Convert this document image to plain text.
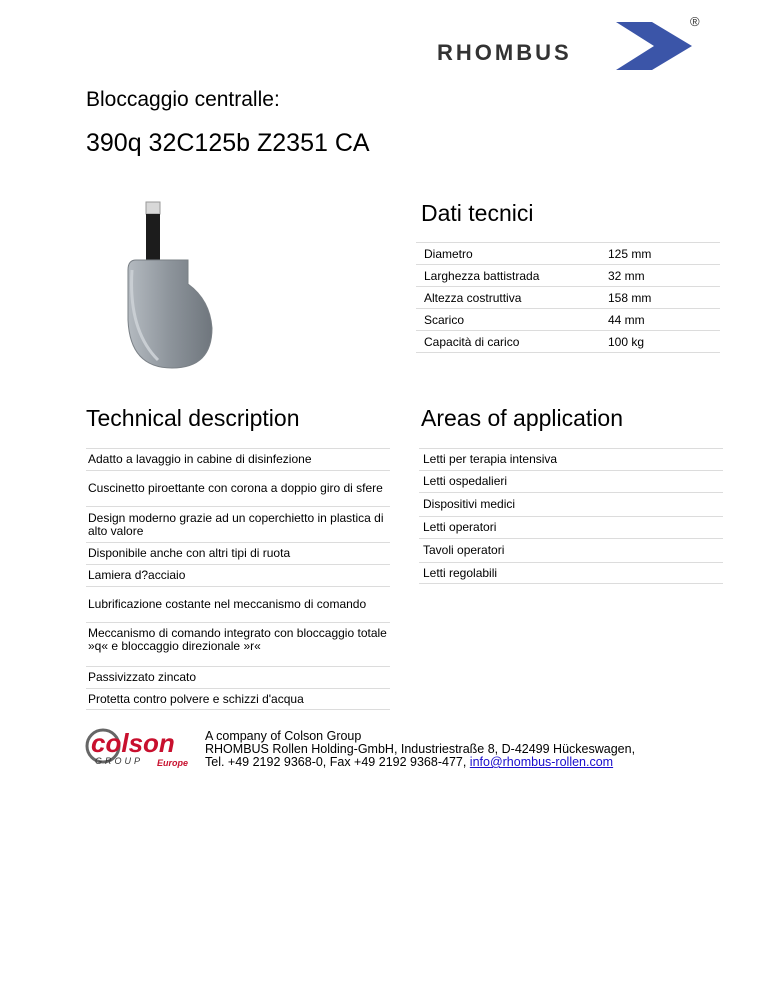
RHOMBUS
®
Bloccaggio centralle:
390q 32C125b Z2351 CA
Dati tecnici
Diametro	125 mm
Larghezza battistrada	32 mm
Altezza costruttiva	158 mm
Scarico	44 mm
Capacità di carico	100 kg
Technical description
Adatto a lavaggio in cabine di disinfezione
Cuscinetto piroettante con corona a doppio giro di sfere
Design moderno grazie ad un coperchietto in plastica di alto valore
Disponibile anche con altri tipi di ruota
Lamiera d?acciaio
Lubrificazione costante nel meccanismo di comando
Meccanismo di comando integrato con bloccaggio totale »q« e bloccaggio direzionale »r«
Passivizzato zincato
Protetta contro polvere e schizzi d'acqua
Areas of application
Letti per terapia intensiva
Letti ospedalieri
Dispositivi medici
Letti operatori
Tavoli operatori
Letti regolabili
colson
GROUP Europe
A company of Colson Group
RHOMBUS Rollen Holding-GmbH, Industriestraße 8, D-42499 Hückeswagen,
Tel. +49 2192 9368-0, Fax +49 2192 9368-477, info@rhombus-rollen.com
